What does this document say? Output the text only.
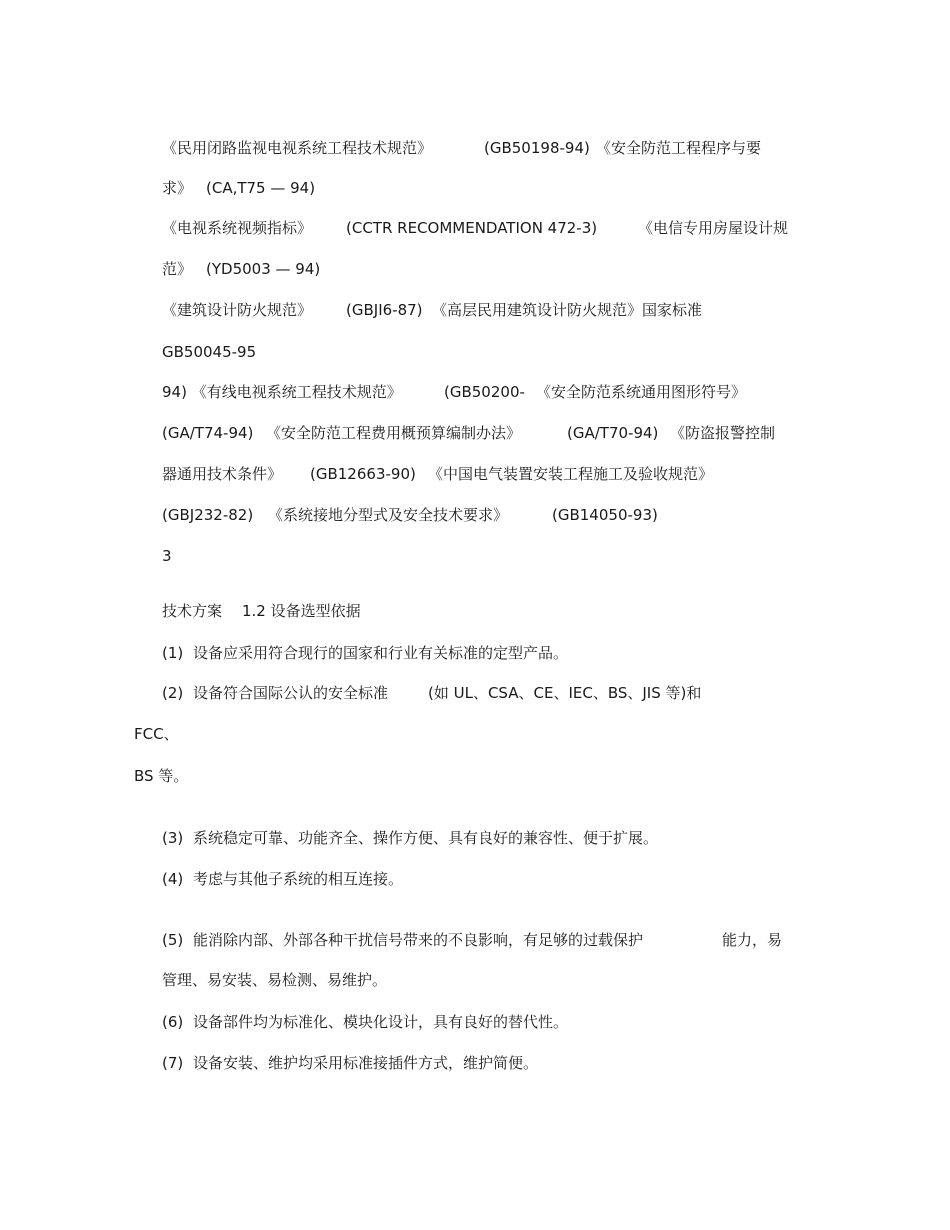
《民用闭路监视电视系统工程技术规范》	(GB50198-94) 《安全防范工程程序与要
求》 (CA,T75 — 94)
《电视系统视频指标》 (CCTR RECOMMENDATION 472-3)	《电信专用房屋设计规
范》 (YD5003 — 94)
《建筑设计防火规范》 (GBJI6-87) 《高层民用建筑设计防火规范》国家标准
GB50045-95
94) 《有线电视系统工程技术规范》	(GB50200- 《安全防范系统通用图形符号》
(GA/T74-94) 《安全防范工程费用概预算编制办法》	(GA/T70-94) 《防盗报警控制
器通用技术条件》 (GB12663-90) 《中国电气装置安装工程施工及验收规范》
(GBJ232-82) 《系统接地分型式及安全技术要求》	(GB14050-93)
3
技术方案 1.2 设备选型依据
(1) 设备应采用符合现行的国家和行业有关标准的定型产品。
(2) 设备符合国际公认的安全标准	(如 UL、CSA、CE、IEC、BS、JIS 等)和
FCC、
BS 等。
(3) 系统稳定可靠、功能齐全、操作方便、具有良好的兼容性、便于扩展。
(4) 考虑与其他子系统的相互连接。
(5) 能消除内部、外部各种干扰信号带来的不良影响，有足够的过载保护	能力，易
管理、易安装、易检测、易维护。
(6) 设备部件均为标准化、模块化设计，具有良好的替代性。
(7) 设备安装、维护均采用标准接插件方式，维护简便。
